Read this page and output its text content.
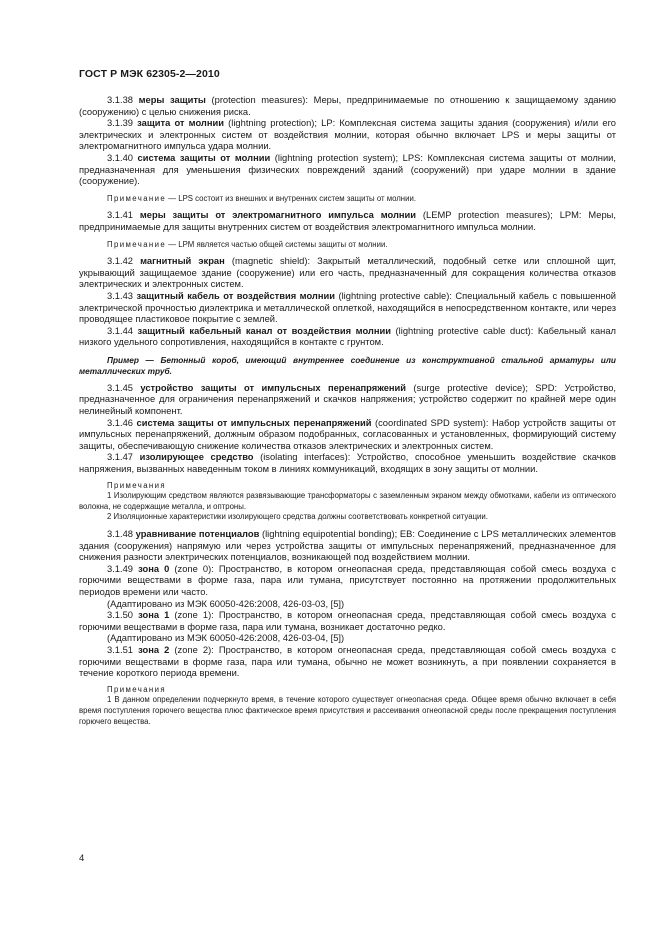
ГОСТ Р МЭК 62305-2—2010

3.1.38 меры защиты (protection measures): Меры, предпринимаемые по отношению к защищаемому зданию (сооружению) с целью снижения риска.

3.1.39 защита от молнии (lightning protection); LP: Комплексная система защиты здания (сооружения) и/или его электрических и электронных систем от воздействия молнии, которая обычно включает LPS и меры защиты от электромагнитного импульса удара молнии.

3.1.40 система защиты от молнии (lightning protection system); LPS: Комплексная система защиты от молнии, предназначенная для уменьшения физических повреждений зданий (сооружений) при ударе молнии в здание (сооружение).

Примечание — LPS состоит из внешних и внутренних систем защиты от молнии.

3.1.41 меры защиты от электромагнитного импульса молнии (LEMP protection measures); LPM: Меры, предпринимаемые для защиты внутренних систем от воздействия электромагнитного импульса молнии.

Примечание — LPM является частью общей системы защиты от молнии.

3.1.42 магнитный экран (magnetic shield): Закрытый металлический, подобный сетке или сплошной щит, укрывающий защищаемое здание (сооружение) или его часть, предназначенный для сокращения количества отказов электрических и электронных систем.

3.1.43 защитный кабель от воздействия молнии (lightning protective cable): Специальный кабель с повышенной электрической прочностью диэлектрика и металлической оплеткой, находящийся в непосредственном контакте, или через проводящее пластиковое покрытие с землей.

3.1.44 защитный кабельный канал от воздействия молнии (lightning protective cable duct): Кабельный канал низкого удельного сопротивления, находящийся в контакте с грунтом.

Пример — Бетонный короб, имеющий внутреннее соединение из конструктивной стальной арматуры или металлических труб.

3.1.45 устройство защиты от импульсных перенапряжений (surge protective device); SPD: Устройство, предназначенное для ограничения перенапряжений и скачков напряжения; устройство содержит по крайней мере один нелинейный компонент.

3.1.46 система защиты от импульсных перенапряжений (coordinated SPD system): Набор устройств защиты от импульсных перенапряжений, должным образом подобранных, согласованных и установленных, формирующий систему защиты, обеспечивающую снижение количества отказов электрических и электронных систем.

3.1.47 изолирующее средство (isolating interfaces): Устройство, способное уменьшить воздействие скачков напряжения, вызванных наведенным током в линиях коммуникаций, входящих в зону защиты от молнии.

Примечания

1 Изолирующим средством являются развязывающие трансформаторы с заземленным экраном между обмотками, кабели из оптического волокна, не содержащие металла, и оптроны.

2 Изоляционные характеристики изолирующего средства должны соответствовать конкретной ситуации.

3.1.48 уравнивание потенциалов (lightning equipotential bonding); EB: Соединение с LPS металлических элементов здания (сооружения) напрямую или через устройства защиты от импульсных перенапряжений, предназначенное для снижения разности электрических потенциалов, возникающей под воздействием молнии.

3.1.49 зона 0 (zone 0): Пространство, в котором огнеопасная среда, представляющая собой смесь воздуха с горючими веществами в форме газа, пара или тумана, присутствует постоянно на протяжении продолжительных периодов времени или часто.

(Адаптировано из МЭК 60050-426:2008, 426-03-03, [5])

3.1.50 зона 1 (zone 1): Пространство, в котором огнеопасная среда, представляющая собой смесь воздуха с горючими веществами в форме газа, пара или тумана, возникает достаточно редко.

(Адаптировано из МЭК 60050-426:2008, 426-03-04, [5])

3.1.51 зона 2 (zone 2): Пространство, в котором огнеопасная среда, представляющая собой смесь воздуха с горючими веществами в форме газа, пара или тумана, обычно не может возникнуть, а при появлении сохраняется в течение короткого периода времени.

Примечания

1 В данном определении подчеркнуто время, в течение которого существует огнеопасная среда. Общее время обычно включает в себя время поступления горючего вещества плюс фактическое время присутствия и рассеивания огнеопасной среды после прекращения поступления горючего вещества.

4
